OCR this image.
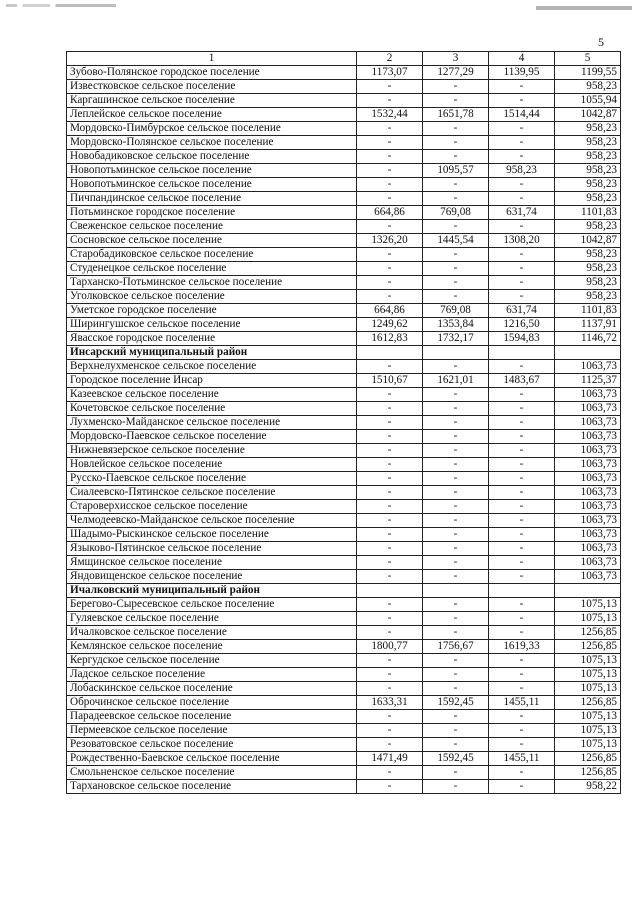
5
1	2	3	4	5
Зубово-Полянское городское поселение	1173,07	1277,29	1139,95	1199,55
Известковское сельское поселение	-	-	-	958,23
Каргашинское сельское поселение	-	-	-	1055,94
Леплейское сельское поселение	1532,44	1651,78	1514,44	1042,87
Мордовско-Пимбурское сельское поселение	-	-	-	958,23
Мордовско-Полянское сельское поселение	-	-	-	958,23
Новобадиковское сельское поселение	-	-	-	958,23
Новопотьминское сельское поселение	-	1095,57	958,23	958,23
Новопотьминское сельское поселение	-	-	-	958,23
Пичпандинское сельское поселение	-	-	-	958,23
Потьминское городское поселение	664,86	769,08	631,74	1101,83
Свеженское сельское поселение	-	-	-	958,23
Сосновское сельское поселение	1326,20	1445,54	1308,20	1042,87
Старобадиковское сельское поселение	-	-	-	958,23
Студенецкое сельское поселение	-	-	-	958,23
Тарханско-Потьминское сельское поселение	-	-	-	958,23
Уголковское сельское поселение	-	-	-	958,23
Уметское городское поселение	664,86	769,08	631,74	1101,83
Ширингушское сельское поселение	1249,62	1353,84	1216,50	1137,91
Явасское городское поселение	1612,83	1732,17	1594,83	1146,72
Инсарский муниципальный район				
Верхнелухменское сельское поселение	-	-	-	1063,73
Городское поселение Инсар	1510,67	1621,01	1483,67	1125,37
Казеевское сельское поселение	-	-	-	1063,73
Кочетовское сельское поселение	-	-	-	1063,73
Лухменско-Майданское сельское поселение	-	-	-	1063,73
Мордовско-Паевское сельское поселение	-	-	-	1063,73
Нижневязерское сельское поселение	-	-	-	1063,73
Новлейское сельское поселение	-	-	-	1063,73
Русско-Паевское сельское поселение	-	-	-	1063,73
Сиалеевско-Пятинское сельское поселение	-	-	-	1063,73
Староверхисское сельское поселение	-	-	-	1063,73
Челмодеевско-Майданское сельское поселение	-	-	-	1063,73
Шадымо-Рыскинское сельское поселение	-	-	-	1063,73
Языково-Пятинское сельское поселение	-	-	-	1063,73
Ямщинское сельское поселение	-	-	-	1063,73
Яндовищенское сельское поселение	-	-	-	1063,73
Ичалковский муниципальный район				
Берегово-Сыресевское сельское поселение	-	-	-	1075,13
Гуляевское сельское поселение	-	-	-	1075,13
Ичалковское сельское поселение	-	-	-	1256,85
Кемлянское сельское поселение	1800,77	1756,67	1619,33	1256,85
Кергудское сельское поселение	-	-	-	1075,13
Ладское сельское поселение	-	-	-	1075,13
Лобаскинское сельское поселение	-	-	-	1075,13
Оброчинское сельское поселение	1633,31	1592,45	1455,11	1256,85
Парадеевское сельское поселение	-	-	-	1075,13
Пермеевское сельское поселение	-	-	-	1075,13
Резоватовское сельское поселение	-	-	-	1075,13
Рождественно-Баевское сельское поселение	1471,49	1592,45	1455,11	1256,85
Смольненское сельское поселение	-	-	-	1256,85
Тархановское сельское поселение	-	-	-	958,22
